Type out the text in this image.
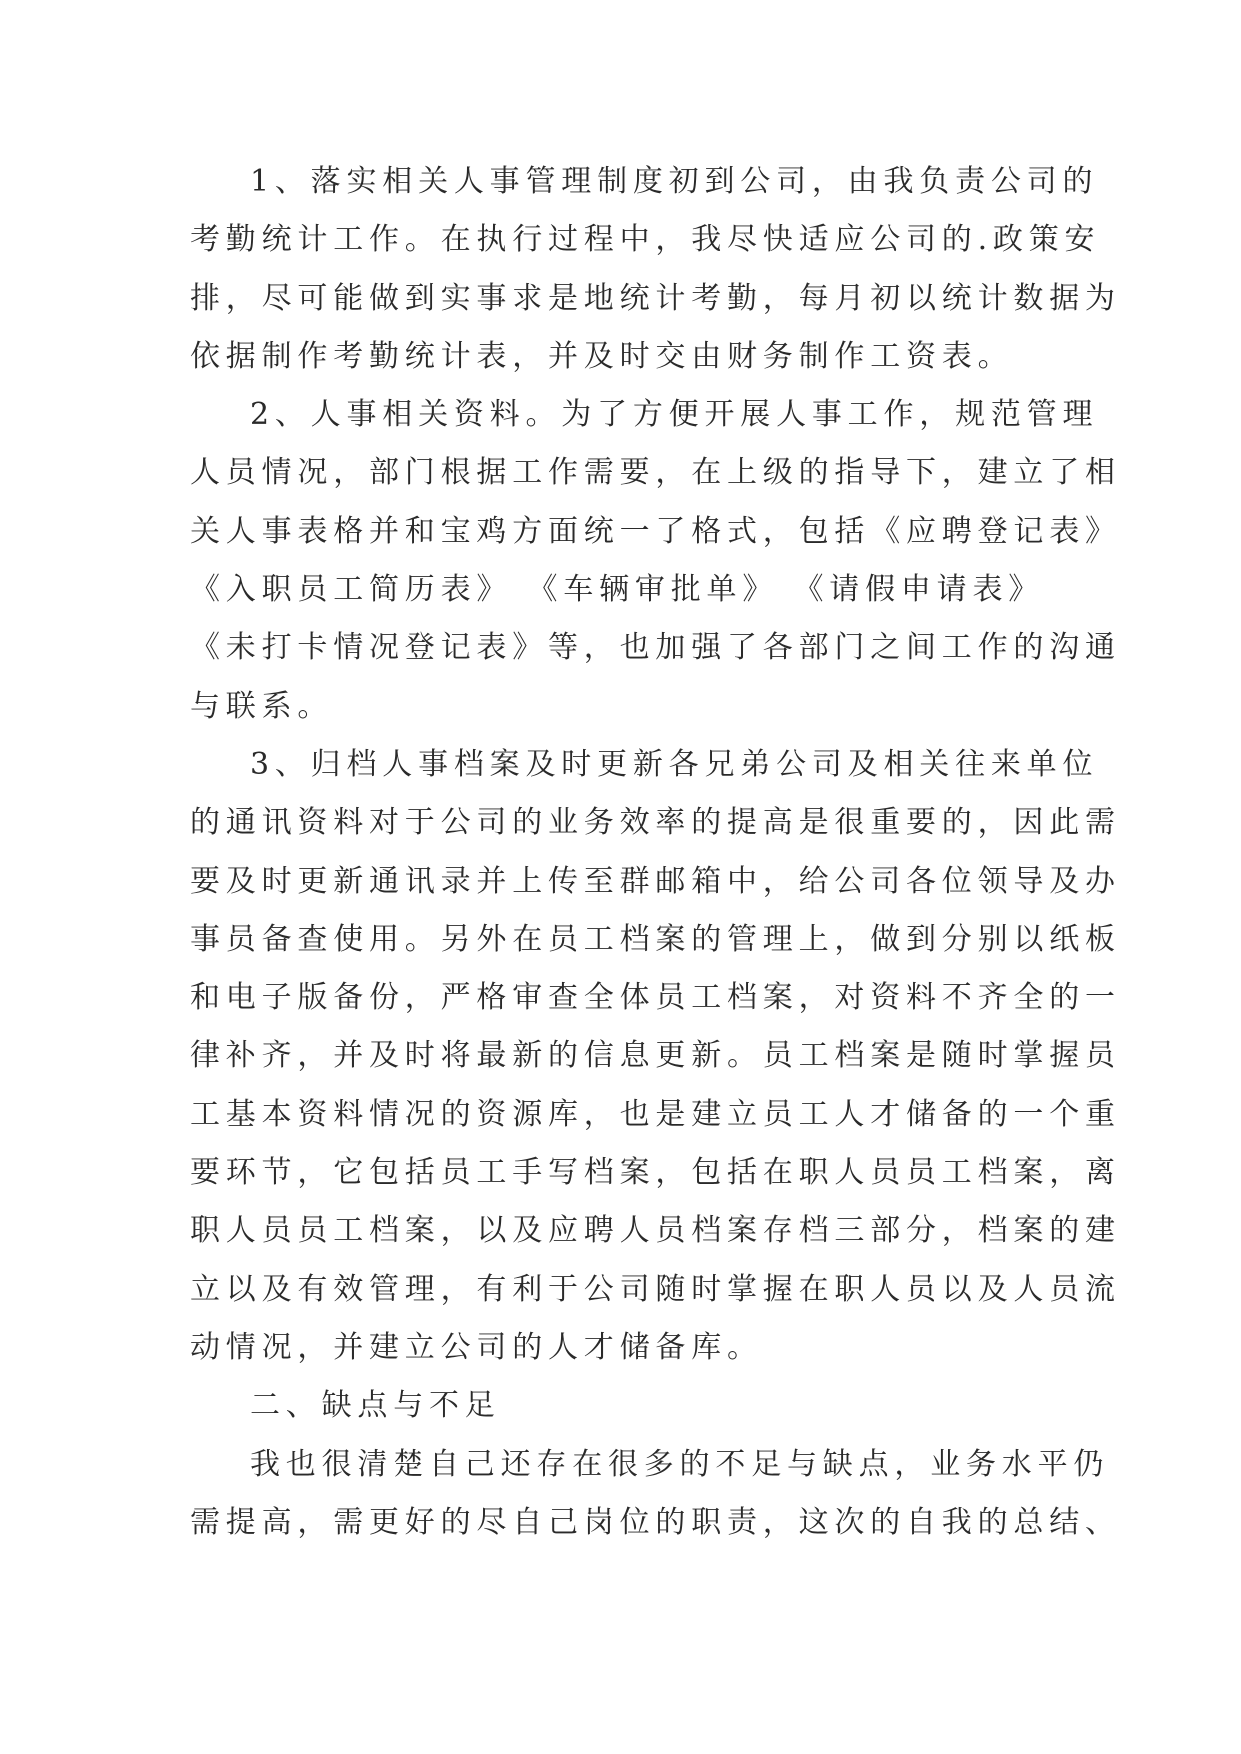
1、落实相关人事管理制度初到公司，由我负责公司的
考勤统计工作。在执行过程中，我尽快适应公司的.政策安
排，尽可能做到实事求是地统计考勤，每月初以统计数据为
依据制作考勤统计表，并及时交由财务制作工资表。
2、人事相关资料。为了方便开展人事工作，规范管理
人员情况，部门根据工作需要，在上级的指导下，建立了相
关人事表格并和宝鸡方面统一了格式，包括《应聘登记表》
《入职员工简历表》 《车辆审批单》 《请假申请表》
《未打卡情况登记表》等，也加强了各部门之间工作的沟通
与联系。
3、归档人事档案及时更新各兄弟公司及相关往来单位
的通讯资料对于公司的业务效率的提高是很重要的，因此需
要及时更新通讯录并上传至群邮箱中，给公司各位领导及办
事员备查使用。另外在员工档案的管理上，做到分别以纸板
和电子版备份，严格审查全体员工档案，对资料不齐全的一
律补齐，并及时将最新的信息更新。员工档案是随时掌握员
工基本资料情况的资源库，也是建立员工人才储备的一个重
要环节，它包括员工手写档案，包括在职人员员工档案，离
职人员员工档案，以及应聘人员档案存档三部分，档案的建
立以及有效管理，有利于公司随时掌握在职人员以及人员流
动情况，并建立公司的人才储备库。
二、缺点与不足
我也很清楚自己还存在很多的不足与缺点，业务水平仍
需提高，需更好的尽自己岗位的职责，这次的自我的总结、
